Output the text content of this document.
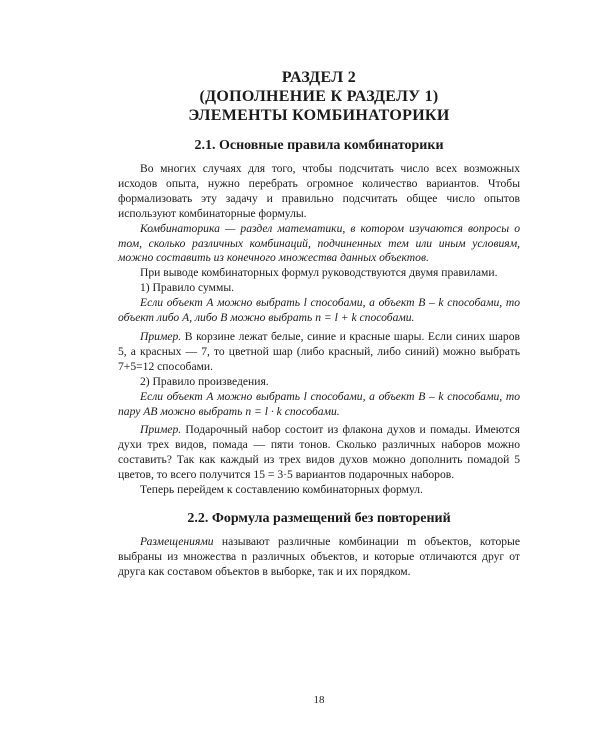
РАЗДЕЛ 2

(ДОПОЛНЕНИЕ К РАЗДЕЛУ 1)

ЭЛЕМЕНТЫ КОМБИНАТОРИКИ

2.1. Основные правила комбинаторики

Во многих случаях для того, чтобы подсчитать число всех возможных исходов опыта, нужно перебрать огромное количество вариантов. Чтобы формализовать эту задачу и правильно подсчитать общее число опытов используют комбинаторные формулы.

Комбинаторика — раздел математики, в котором изучаются вопросы о том, сколько различных комбинаций, подчиненных тем или иным условиям, можно составить из конечного множества данных объектов.

При выводе комбинаторных формул руководствуются двумя правилами.

1) Правило суммы.

Если объект А можно выбрать l способами, а объект В – k способами, то объект либо А, либо В можно выбрать n = l + k способами.

Пример. В корзине лежат белые, синие и красные шары. Если синих шаров 5, а красных — 7, то цветной шар (либо красный, либо синий) можно выбрать 7+5=12 способами.

2) Правило произведения.

Если объект А можно выбрать l способами, а объект В – k способами, то пару АВ можно выбрать n = l · k способами.

Пример. Подарочный набор состоит из флакона духов и помады. Имеются духи трех видов, помада — пяти тонов. Сколько различных наборов можно составить? Так как каждый из трех видов духов можно дополнить помадой 5 цветов, то всего получится 15 = 3·5 вариантов подарочных наборов.

Теперь перейдем к составлению комбинаторных формул.

2.2. Формула размещений без повторений

Размещениями называют различные комбинации m объектов, которые выбраны из множества n различных объектов, и которые отличаются друг от друга как составом объектов в выборке, так и их порядком.

18
